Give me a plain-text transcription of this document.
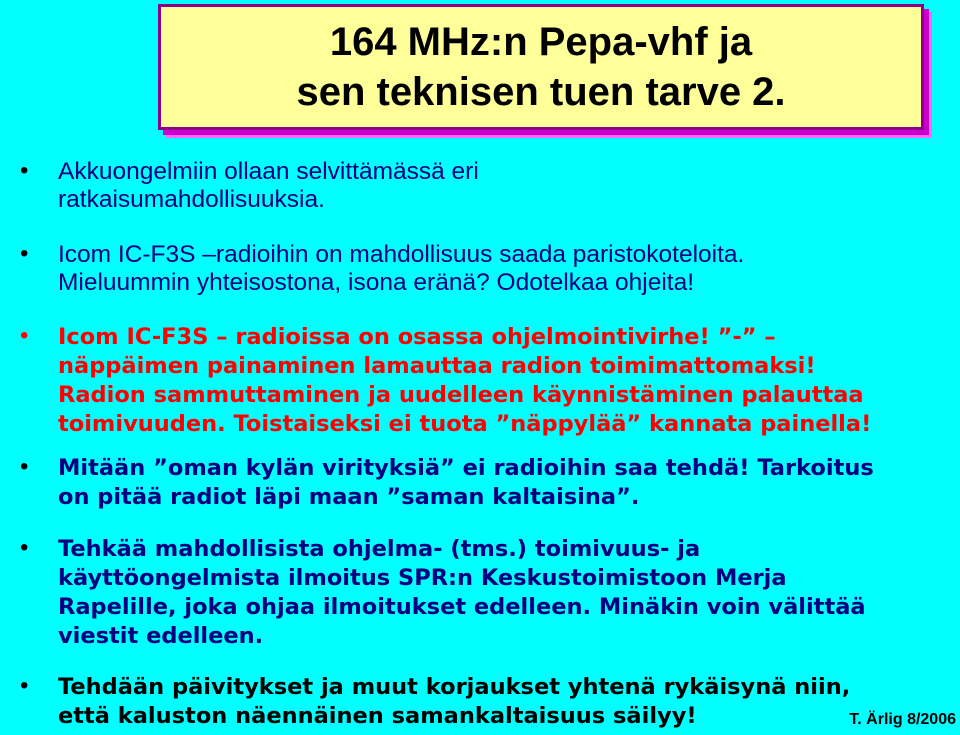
164 MHz:n Pepa-vhf ja
sen teknisen tuen tarve 2.
• Akkuongelmiin ollaan selvittämässä eri
ratkaisumahdollisuuksia.
• Icom IC-F3S –radioihin on mahdollisuus saada paristokoteloita.
Mieluummin yhteisostona, isona eränä? Odotelkaa ohjeita!
• Icom IC-F3S – radioissa on osassa ohjelmointivirhe! ”-” –
näppäimen painaminen lamauttaa radion toimimattomaksi!
Radion sammuttaminen ja uudelleen käynnistäminen palauttaa
toimivuuden. Toistaiseksi ei tuota ”näppylää” kannata painella!
• Mitään ”oman kylän virityksiä” ei radioihin saa tehdä! Tarkoitus
on pitää radiot läpi maan ”saman kaltaisina”.
• Tehkää mahdollisista ohjelma- (tms.) toimivuus- ja
käyttöongelmista ilmoitus SPR:n Keskustoimistoon Merja
Rapelille, joka ohjaa ilmoitukset edelleen. Minäkin voin välittää
viestit edelleen.
• Tehdään päivitykset ja muut korjaukset yhtenä rykäisynä niin,
että kaluston näennäinen samankaltaisuus säilyy!	T. Ärlig 8/2006
